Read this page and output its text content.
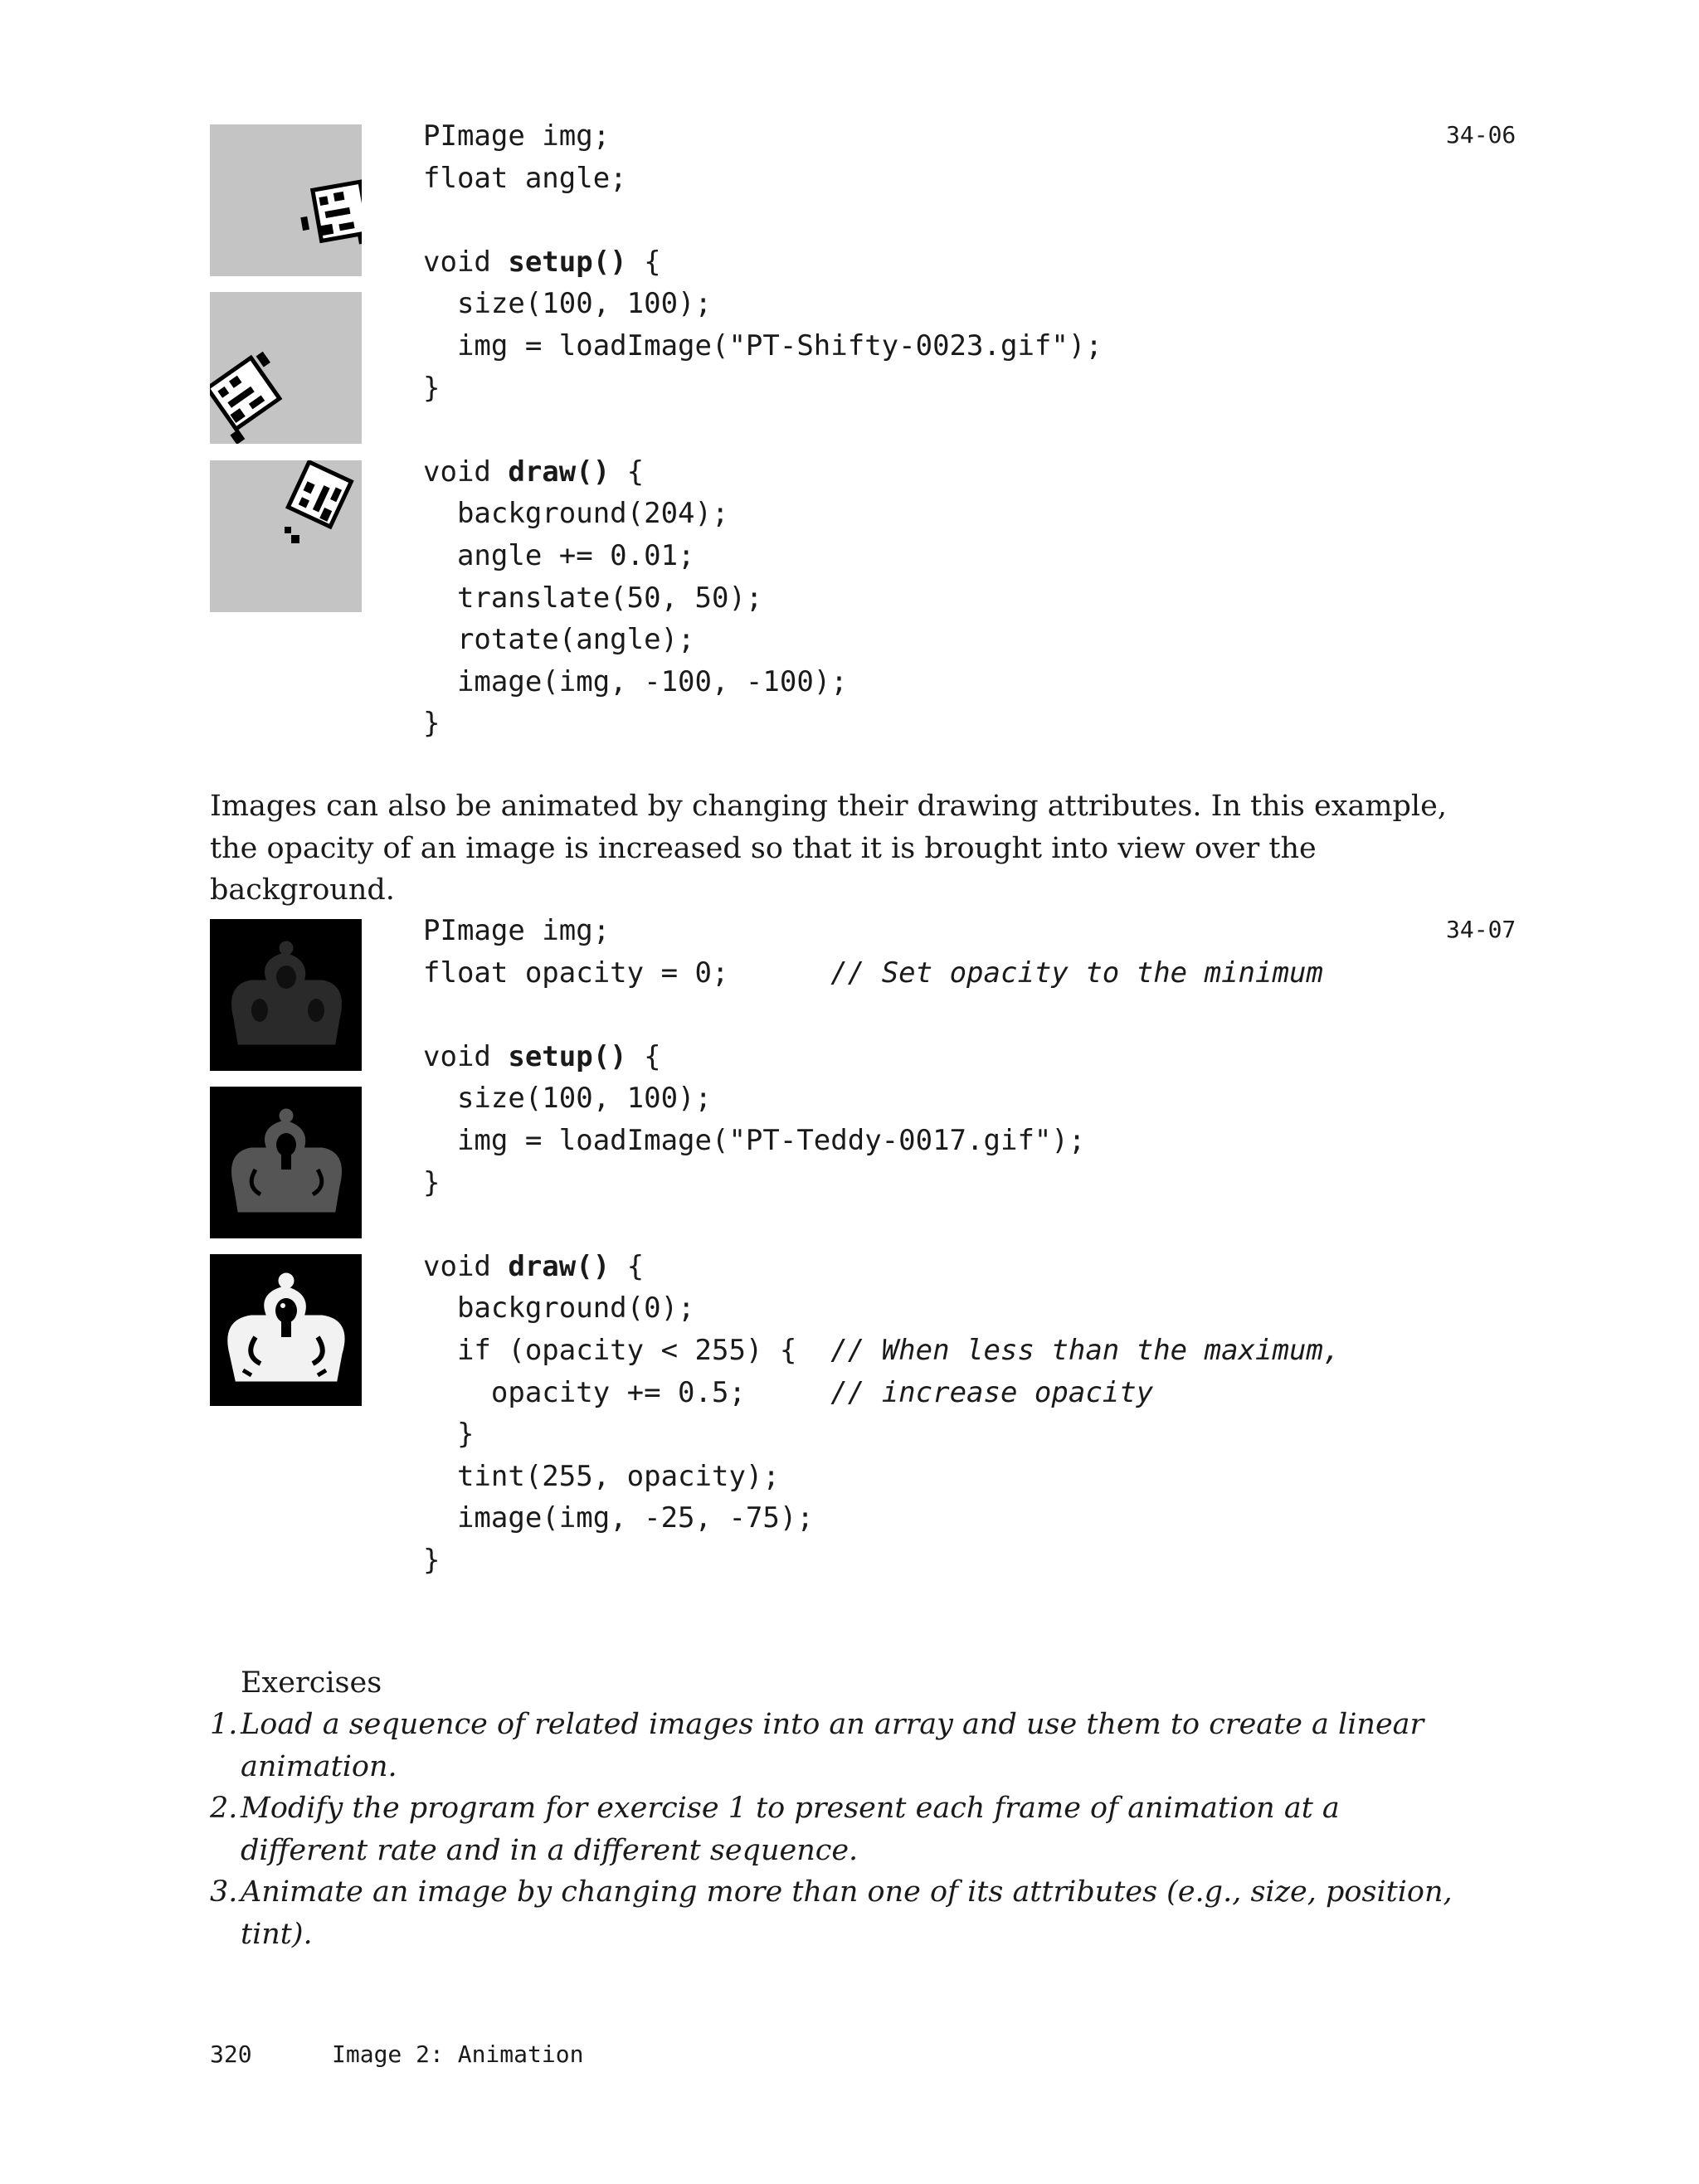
34-06
PImage img;
float angle;
void setup() {
size(100, 100);
img = loadImage("PT-Shifty-0023.gif");
}
void draw() {
background(204);
angle += 0.01;
translate(50, 50);
rotate(angle);
image(img, -100, -100);
}

Images can also be animated by changing their drawing attributes. In this example, the opacity of an image is increased so that it is brought into view over the background.

34-07
PImage img;
float opacity = 0;      // Set opacity to the minimum
void setup() {
size(100, 100);
img = loadImage("PT-Teddy-0017.gif");
}
void draw() {
background(0);
if (opacity < 255) {  // When less than the maximum,
opacity += 0.5;     // increase opacity
}
tint(255, opacity);
image(img, -25, -75);
}
Exercises
1. Load a sequence of related images into an array and use them to create a linear animation.
2. Modify the program for exercise 1 to present each frame of animation at a different rate and in a different sequence.
3. Animate an image by changing more than one of its attributes (e.g., size, position, tint).
320	Image 2: Animation
